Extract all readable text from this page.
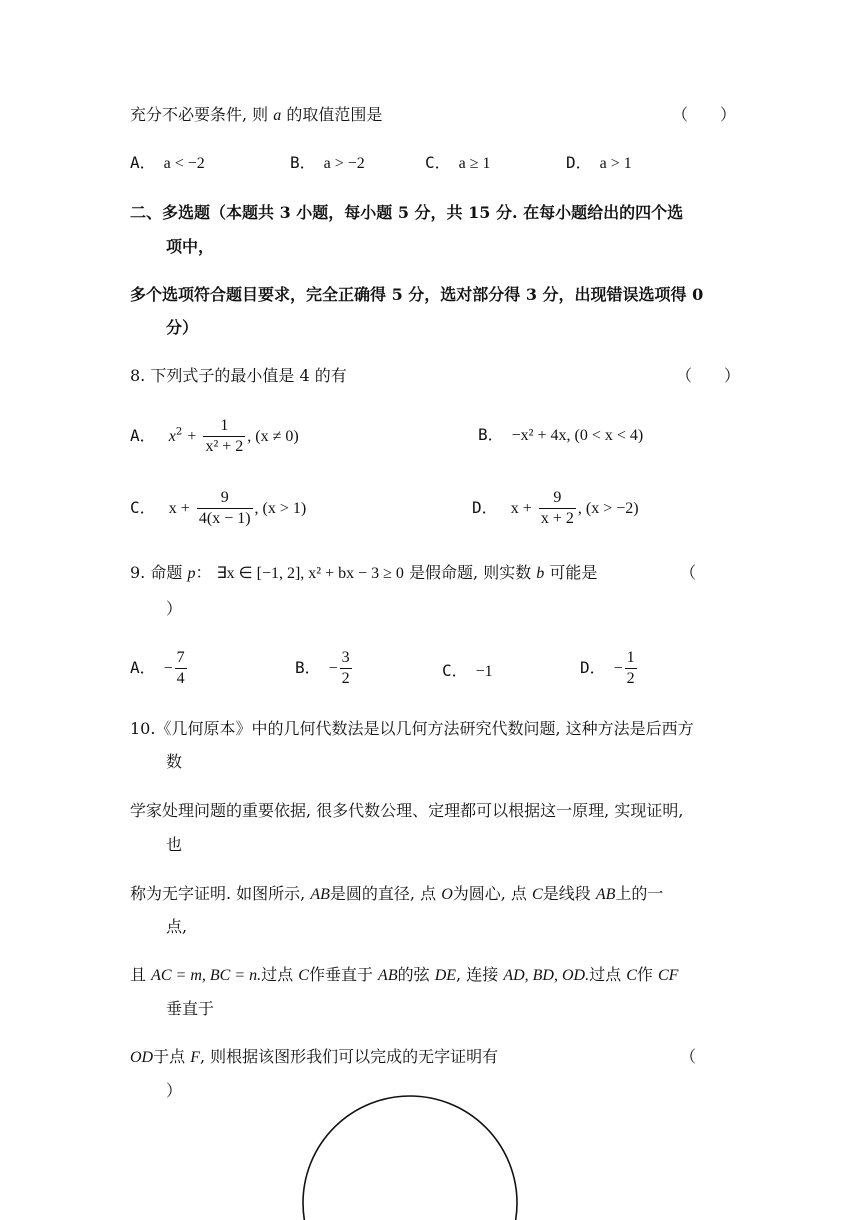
充分不必要条件, 则 a 的取值范围是	（　　）
A． a < −2	B． a > −2	C． a ≥ 1	D． a > 1
二、多选题（本题共 3 小题，每小题 5 分，共 15 分. 在每小题给出的四个选
项中，
多个选项符合题目要求，完全正确得 5 分，选对部分得 3 分，出现错误选项得 0
分）
8. 下列式子的最小值是 4 的有	（　　）
A． $x^2 + \frac{1}{\text{x² + 2}}$ , (x ≠ 0)	B． −x² + 4x, (0 < x < 4)
C． $x + \frac{9}{4(x - 1)}$ , (x > 1)	D． $x + \frac{9}{x + 2}$ , (x > −2)
9. 命题 p： ∃x ∈ [−1, 2], x² + bx − 3 ≥ 0 是假命题, 则实数 b 可能是	（
）
A． − $\frac{7}{4}$	B． − $\frac{3}{2}$	C． −1	D． − $\frac{1}{2}$
10.《几何原本》中的几何代数法是以几何方法研究代数问题, 这种方法是后西方
数
学家处理问题的重要依据, 很多代数公理、定理都可以根据这一原理, 实现证明,
也
称为无字证明. 如图所示, AB是圆的直径, 点 O为圆心, 点 C是线段 AB上的一
点,
且 AC = m, BC = n.过点 C作垂直于 AB的弦 DE, 连接 AD, BD, OD.过点 C作 CF
垂直于
OD于点 F, 则根据该图形我们可以完成的无字证明有	（
）
